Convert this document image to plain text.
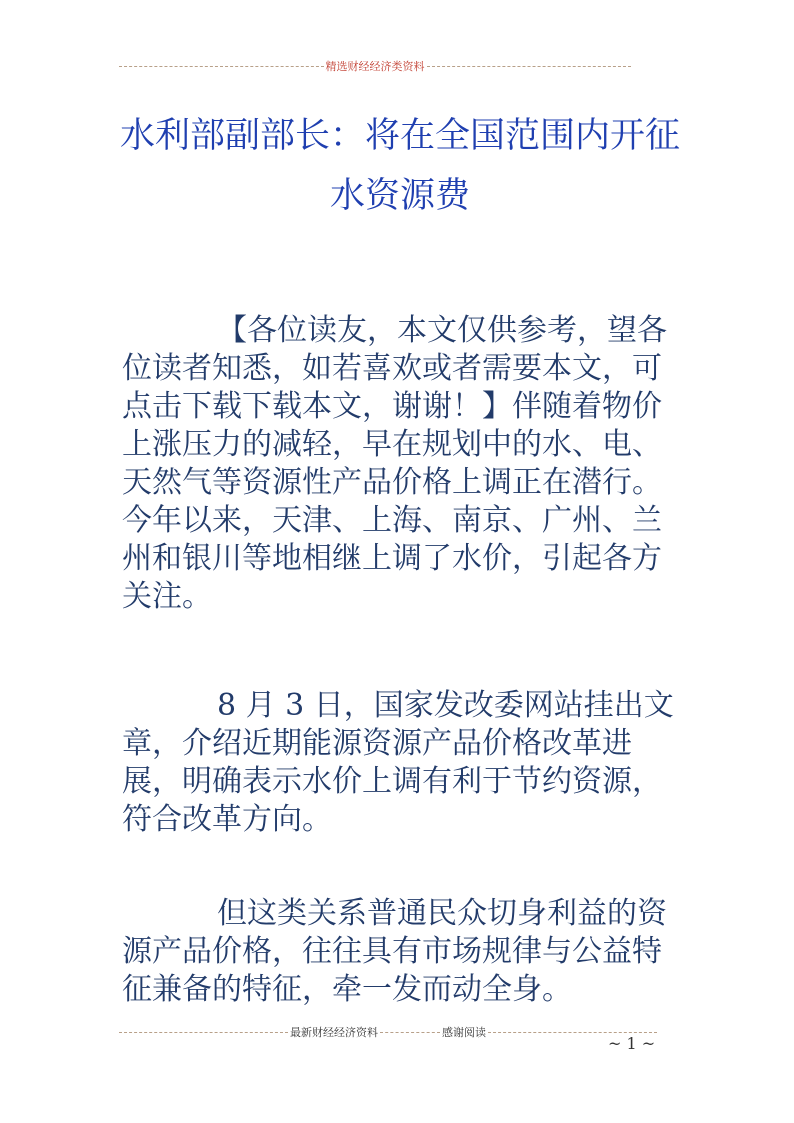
精选财经经济类资料
水利部副部长：将在全国范围内开征
水资源费

【各位读友，本文仅供参考，望各位读者知悉，如若喜欢或者需要本文，可点击下载下载本文，谢谢！】伴随着物价上涨压力的减轻，早在规划中的水、电、天然气等资源性产品价格上调正在潜行。今年以来，天津、上海、南京、广州、兰州和银川等地相继上调了水价，引起各方关注。

8 月 3 日，国家发改委网站挂出文章，介绍近期能源资源产品价格改革进展，明确表示水价上调有利于节约资源，符合改革方向。

但这类关系普通民众切身利益的资源产品价格，往往具有市场规律与公益特征兼备的特征，牵一发而动全身。

最新财经经济资料	感谢阅读
~ 1 ~
